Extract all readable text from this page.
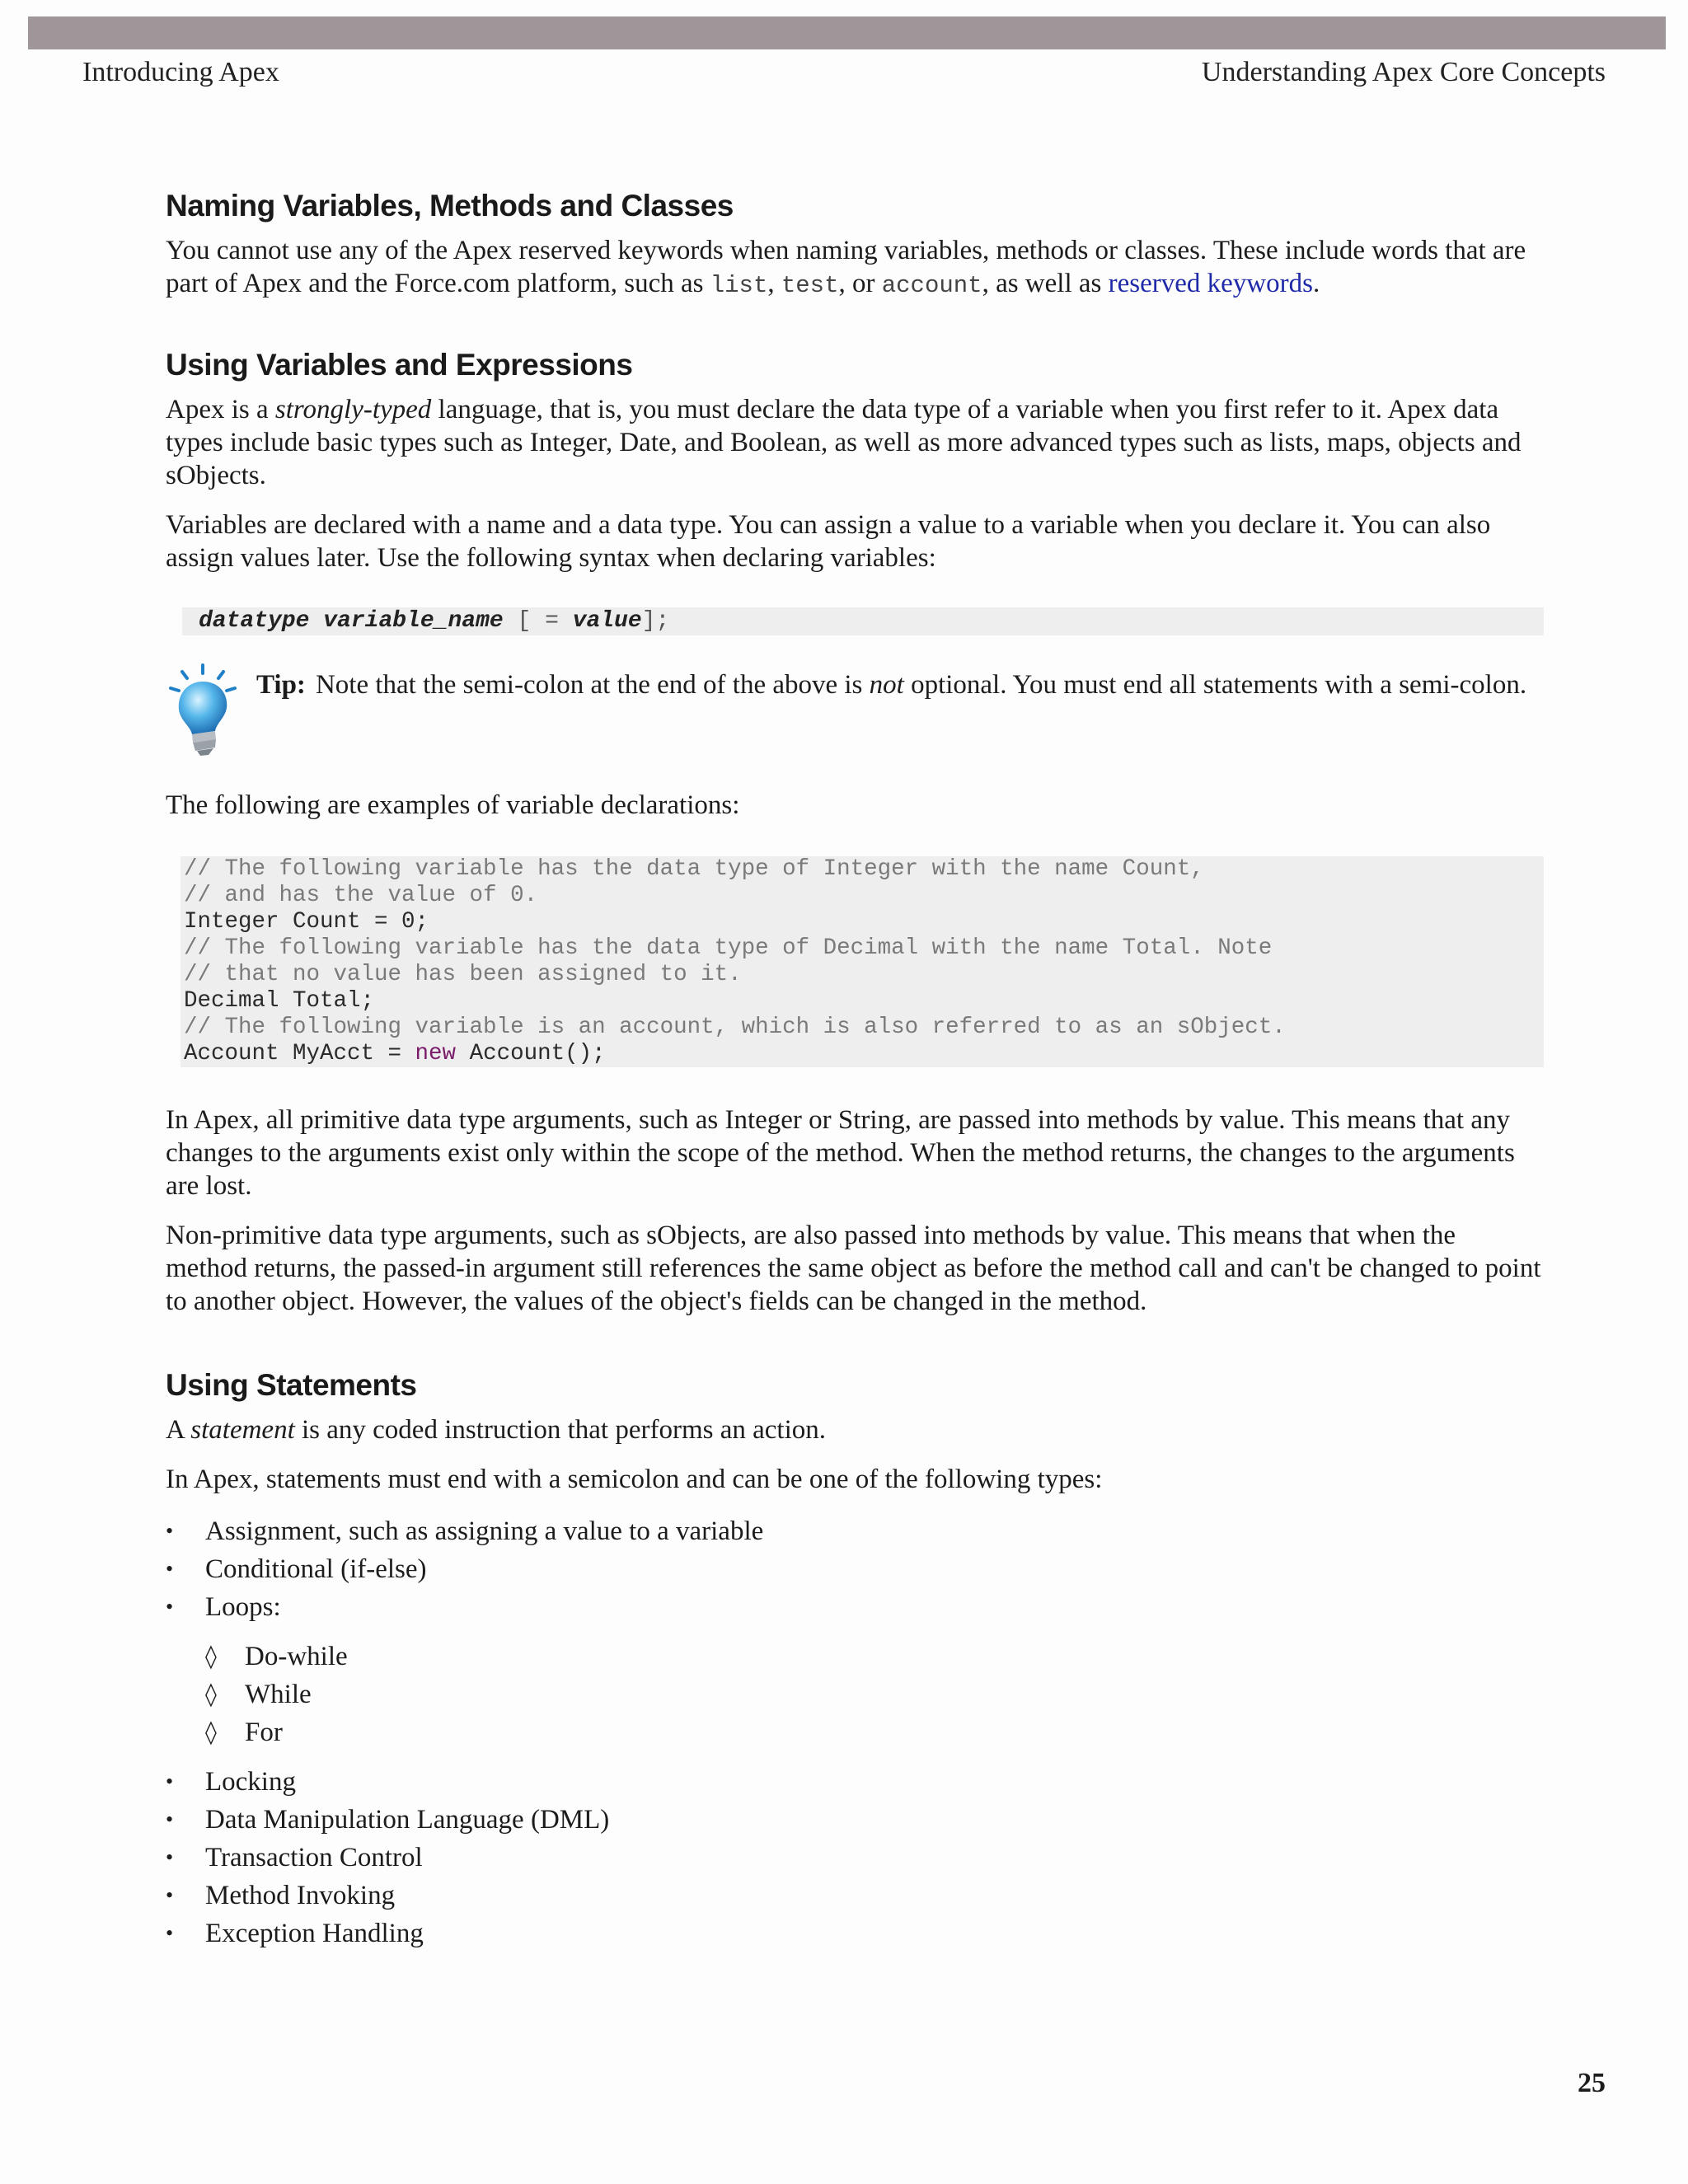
Introducing Apex	Understanding Apex Core Concepts
Naming Variables, Methods and Classes

You cannot use any of the Apex reserved keywords when naming variables, methods or classes. These include words that are part of Apex and the Force.com platform, such as list, test, or account, as well as reserved keywords.

Using Variables and Expressions

Apex is a strongly-typed language, that is, you must declare the data type of a variable when you first refer to it. Apex data types include basic types such as Integer, Date, and Boolean, as well as more advanced types such as lists, maps, objects and sObjects.

Variables are declared with a name and a data type. You can assign a value to a variable when you declare it. You can also assign values later. Use the following syntax when declaring variables:

datatype variable_name [ = value];
Tip: Note that the semi-colon at the end of the above is not optional. You must end all statements with a semi-colon.

The following are examples of variable declarations:

// The following variable has the data type of Integer with the name Count,
// and has the value of 0.
Integer Count = 0;
// The following variable has the data type of Decimal with the name Total. Note
// that no value has been assigned to it.
Decimal Total;
// The following variable is an account, which is also referred to as an sObject.
Account MyAcct = new Account();

In Apex, all primitive data type arguments, such as Integer or String, are passed into methods by value. This means that any changes to the arguments exist only within the scope of the method. When the method returns, the changes to the arguments are lost.

Non-primitive data type arguments, such as sObjects, are also passed into methods by value. This means that when the method returns, the passed-in argument still references the same object as before the method call and can't be changed to point to another object. However, the values of the object's fields can be changed in the method.

Using Statements

A statement is any coded instruction that performs an action.

In Apex, statements must end with a semicolon and can be one of the following types:

• Assignment, such as assigning a value to a variable
• Conditional (if-else)
• Loops:
◊ Do-while
◊ While
◊ For
• Locking
• Data Manipulation Language (DML)
• Transaction Control
• Method Invoking
• Exception Handling
25
